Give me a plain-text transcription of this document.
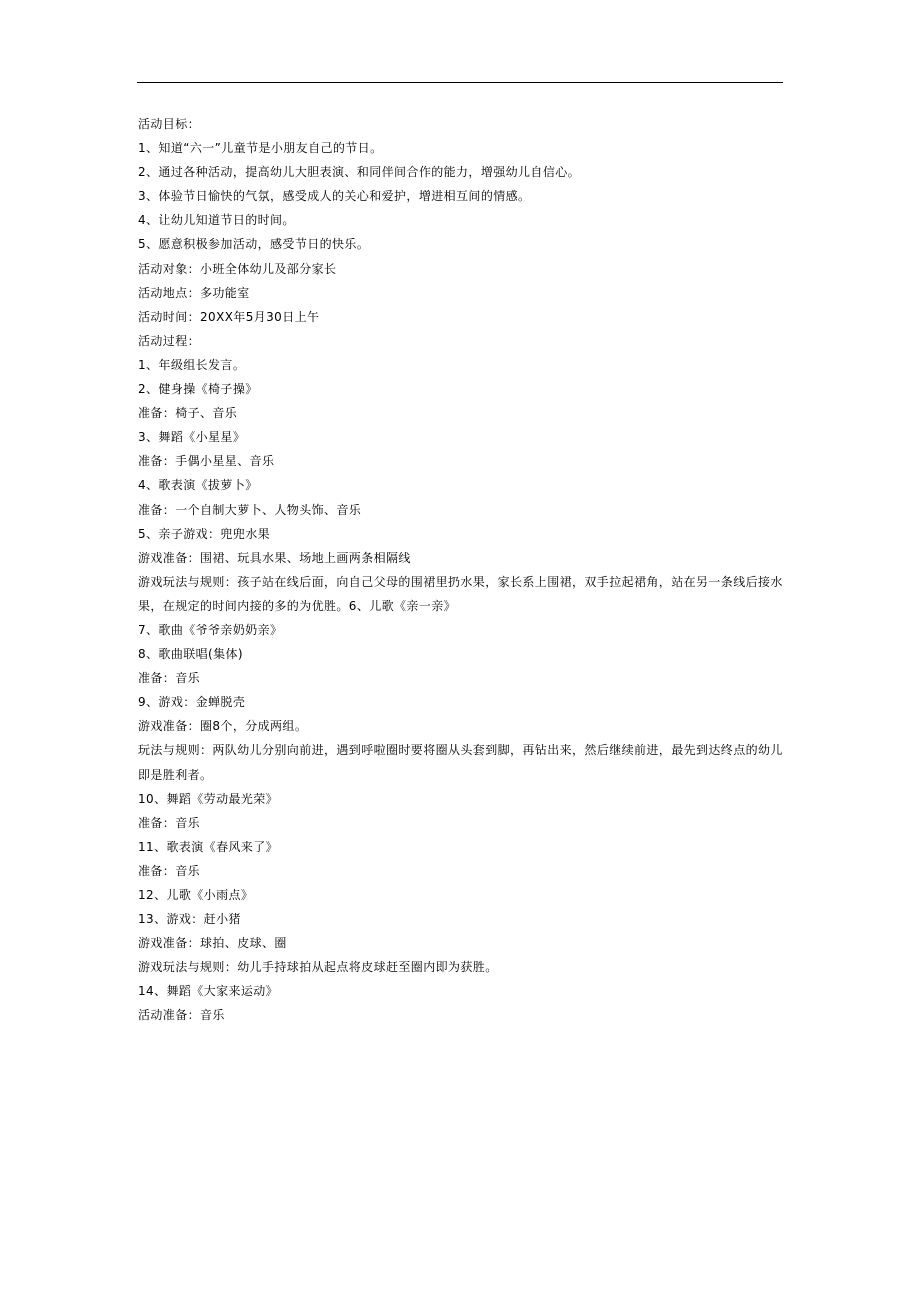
活动目标：
1、知道“六一”儿童节是小朋友自己的节日。
2、通过各种活动，提高幼儿大胆表演、和同伴间合作的能力，增强幼儿自信心。
3、体验节日愉快的气氛，感受成人的关心和爱护，增进相互间的情感。
4、让幼儿知道节日的时间。
5、愿意积极参加活动，感受节日的快乐。
活动对象：小班全体幼儿及部分家长
活动地点：多功能室
活动时间：20XX年5月30日上午
活动过程：
1、年级组长发言。
2、健身操《椅子操》
准备：椅子、音乐
3、舞蹈《小星星》
准备：手偶小星星、音乐
4、歌表演《拔萝卜》
准备：一个自制大萝卜、人物头饰、音乐
5、亲子游戏：兜兜水果
游戏准备：围裙、玩具水果、场地上画两条相隔线
游戏玩法与规则：孩子站在线后面，向自己父母的围裙里扔水果，家长系上围裙，双手拉起裙角，站在另一条线后接水
果，在规定的时间内接的多的为优胜。6、儿歌《亲一亲》
7、歌曲《爷爷亲奶奶亲》
8、歌曲联唱(集体)
准备：音乐
9、游戏：金蝉脱壳
游戏准备：圈8个，分成两组。
玩法与规则：两队幼儿分别向前进，遇到呼啦圈时要将圈从头套到脚，再钻出来，然后继续前进，最先到达终点的幼儿
即是胜利者。
10、舞蹈《劳动最光荣》
准备：音乐
11、歌表演《春风来了》
准备：音乐
12、儿歌《小雨点》
13、游戏：赶小猪
游戏准备：球拍、皮球、圈
游戏玩法与规则：幼儿手持球拍从起点将皮球赶至圈内即为获胜。
14、舞蹈《大家来运动》
活动准备：音乐
